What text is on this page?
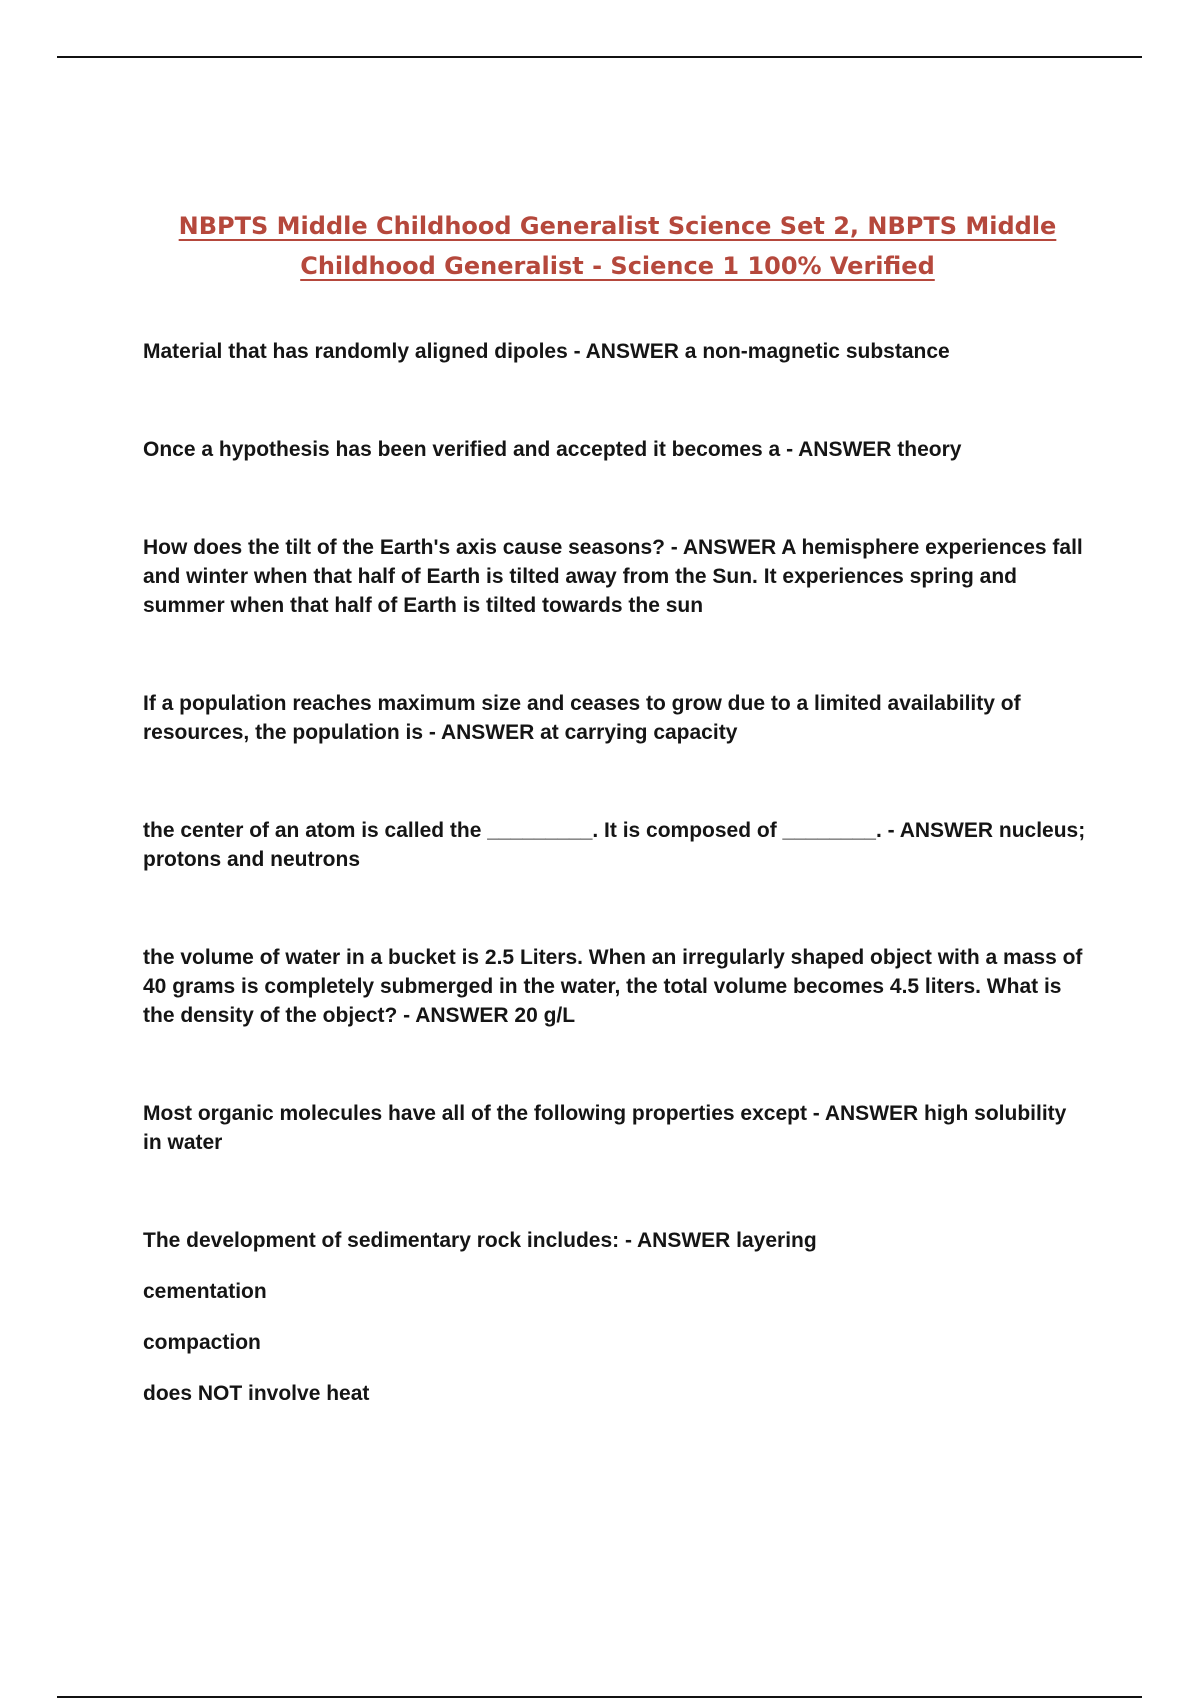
NBPTS Middle Childhood Generalist Science Set 2, NBPTS Middle Childhood Generalist - Science 1 100% Verified

Material that has randomly aligned dipoles - ANSWER a non-magnetic substance

Once a hypothesis has been verified and accepted it becomes a - ANSWER theory

How does the tilt of the Earth's axis cause seasons? - ANSWER A hemisphere experiences fall and winter when that half of Earth is tilted away from the Sun. It experiences spring and summer when that half of Earth is tilted towards the sun

If a population reaches maximum size and ceases to grow due to a limited availability of resources, the population is - ANSWER at carrying capacity

the center of an atom is called the _________. It is composed of ________. - ANSWER nucleus; protons and neutrons

the volume of water in a bucket is 2.5 Liters. When an irregularly shaped object with a mass of 40 grams is completely submerged in the water, the total volume becomes 4.5 liters. What is the density of the object? - ANSWER 20 g/L

Most organic molecules have all of the following properties except - ANSWER high solubility in water

The development of sedimentary rock includes: - ANSWER layering

cementation

compaction

does NOT involve heat
